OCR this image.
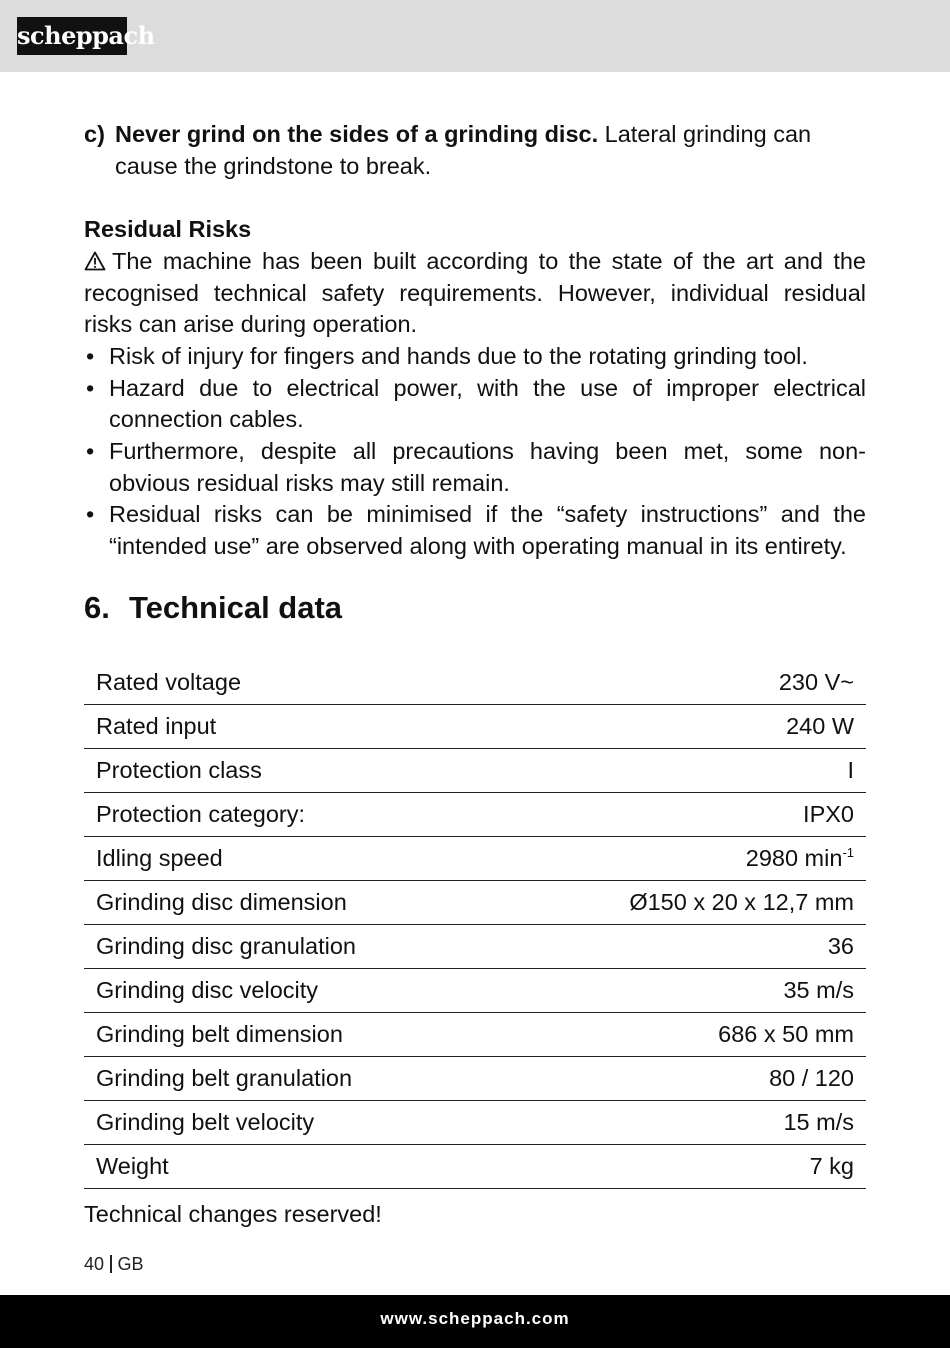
scheppach

c) Never grind on the sides of a grinding disc. Lateral grinding can cause the grindstone to break.

Residual Risks

The machine has been built according to the state of the art and the recognised technical safety requirements. However, individual residual risks can arise during operation.

• Risk of injury for fingers and hands due to the rotating grinding tool.
• Hazard due to electrical power, with the use of improper electrical connection cables.
• Furthermore, despite all precautions having been met, some non-obvious residual risks may still remain.
• Residual risks can be minimised if the “safety instructions” and the “intended use” are observed along with operating manual in its entirety.
6. Technical data
Rated voltage	230 V~
Rated input	240 W
Protection class	I
Protection category:	IPX0
Idling speed	2980 $\min^{-1}$
Grinding disc dimension	Ø150 x 20 x 12,7 mm
Grinding disc granulation	36
Grinding disc velocity	35 m/s
Grinding belt dimension	686 x 50 mm
Grinding belt granulation	80 / 120
Grinding belt velocity	15 m/s
Weight	7 kg
Technical changes reserved!
40 GB
www.scheppach.com
